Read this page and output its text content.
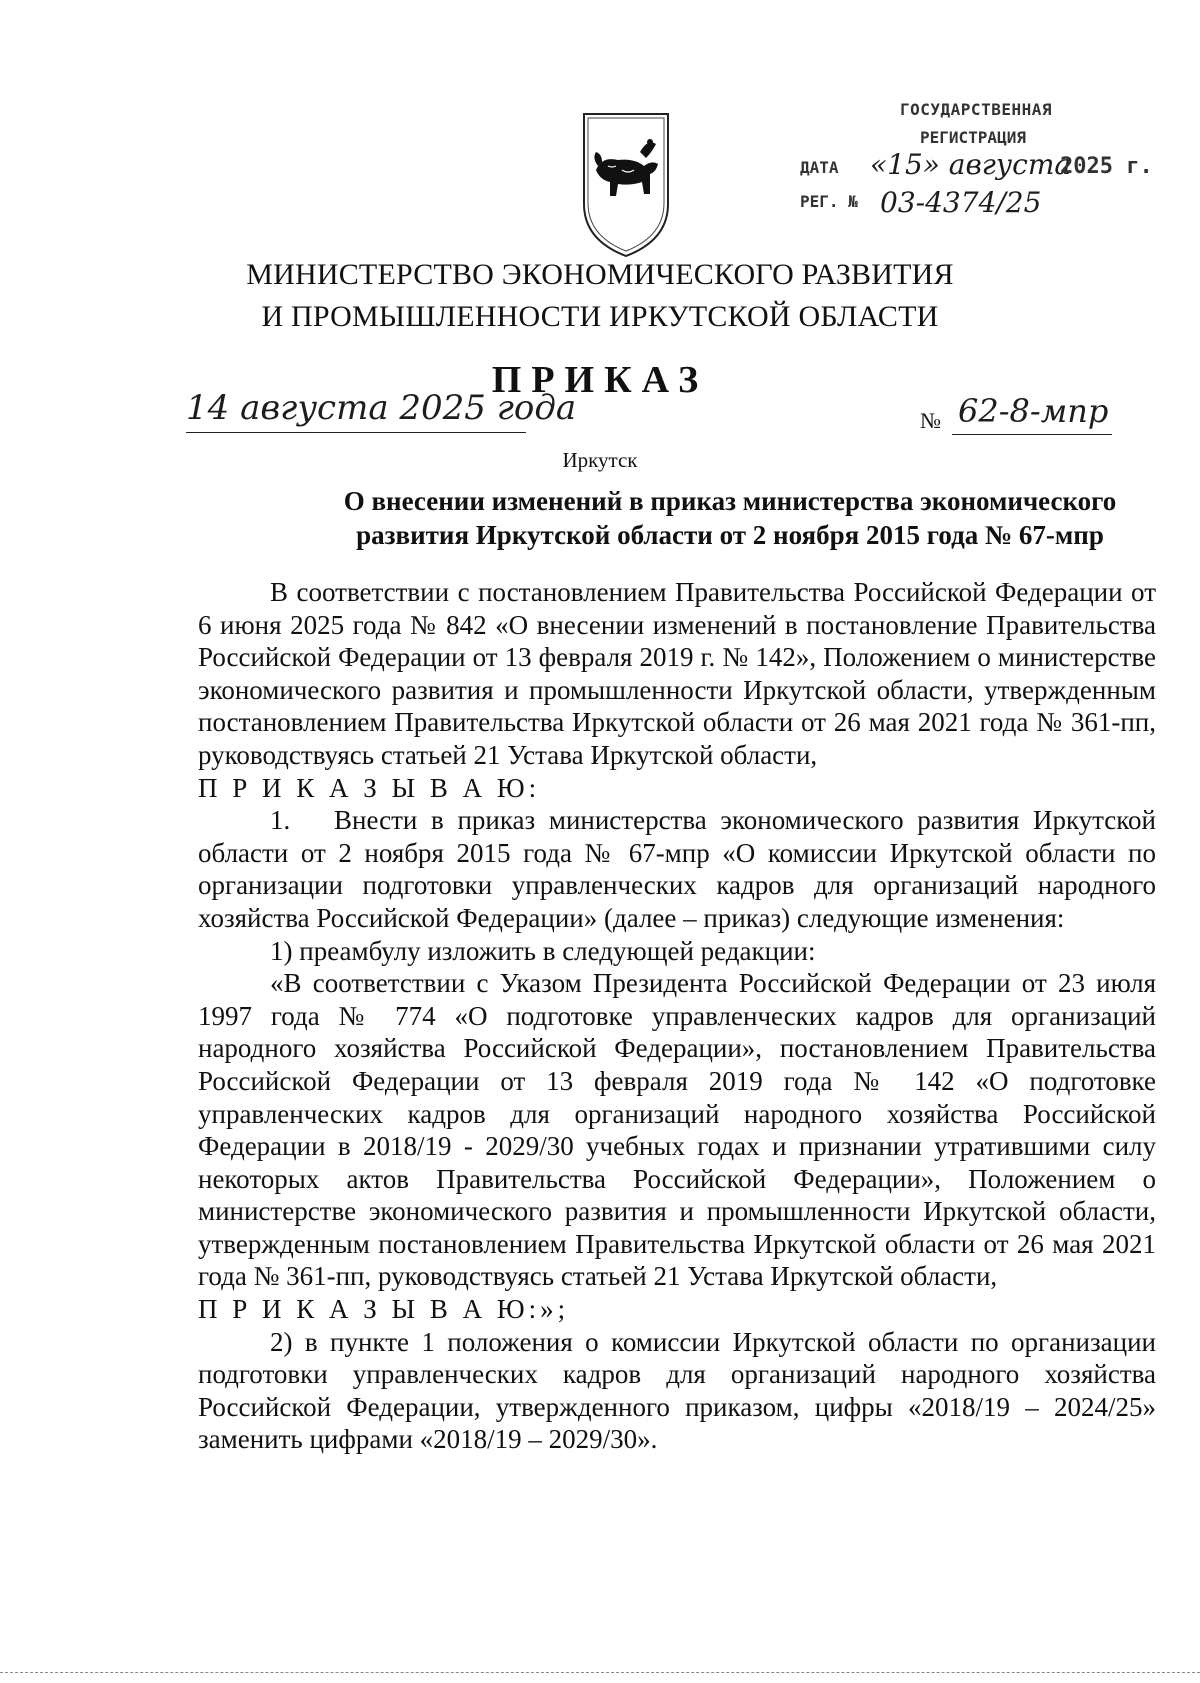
ГОСУДАРСТВЕННАЯ
РЕГИСТРАЦИЯ
ДАТА «15» августа
2025 г.
РЕГ. № 03-4374/25
МИНИСТЕРСТВО ЭКОНОМИЧЕСКОГО РАЗВИТИЯ
И ПРОМЫШЛЕННОСТИ ИРКУТСКОЙ ОБЛАСТИ
ПРИКАЗ
14 августа 2025 года	№ 62-8-мпр
Иркутск
О внесении изменений в приказ министерства экономического
развития Иркутской области от 2 ноября 2015 года № 67-мпр

В соответствии с постановлением Правительства Российской Федерации от 6 июня 2025 года № 842 «О внесении изменений в постановление Правительства Российской Федерации от 13 февраля 2019 г. № 142», Положением о министерстве экономического развития и промышленности Иркутской области, утвержденным постановлением Правительства Иркутской области от 26 мая 2021 года № 361-пп, руководствуясь статьей 21 Устава Иркутской области,

П Р И К А З Ы В А Ю:

1. Внести в приказ министерства экономического развития Иркутской области от 2 ноября 2015 года № 67-мпр «О комиссии Иркутской области по организации подготовки управленческих кадров для организаций народного хозяйства Российской Федерации» (далее – приказ) следующие изменения:

1) преамбулу изложить в следующей редакции:

«В соответствии с Указом Президента Российской Федерации от 23 июля 1997 года № 774 «О подготовке управленческих кадров для организаций народного хозяйства Российской Федерации», постановлением Правительства Российской Федерации от 13 февраля 2019 года № 142 «О подготовке управленческих кадров для организаций народного хозяйства Российской Федерации в 2018/19 - 2029/30 учебных годах и признании утратившими силу некоторых актов Правительства Российской Федерации», Положением о министерстве экономического развития и промышленности Иркутской области, утвержденным постановлением Правительства Иркутской области от 26 мая 2021 года № 361-пп, руководствуясь статьей 21 Устава Иркутской области,

П Р И К А З Ы В А Ю:»;

2) в пункте 1 положения о комиссии Иркутской области по организации подготовки управленческих кадров для организаций народного хозяйства Российской Федерации, утвержденного приказом, цифры «2018/19 – 2024/25» заменить цифрами «2018/19 – 2029/30».
